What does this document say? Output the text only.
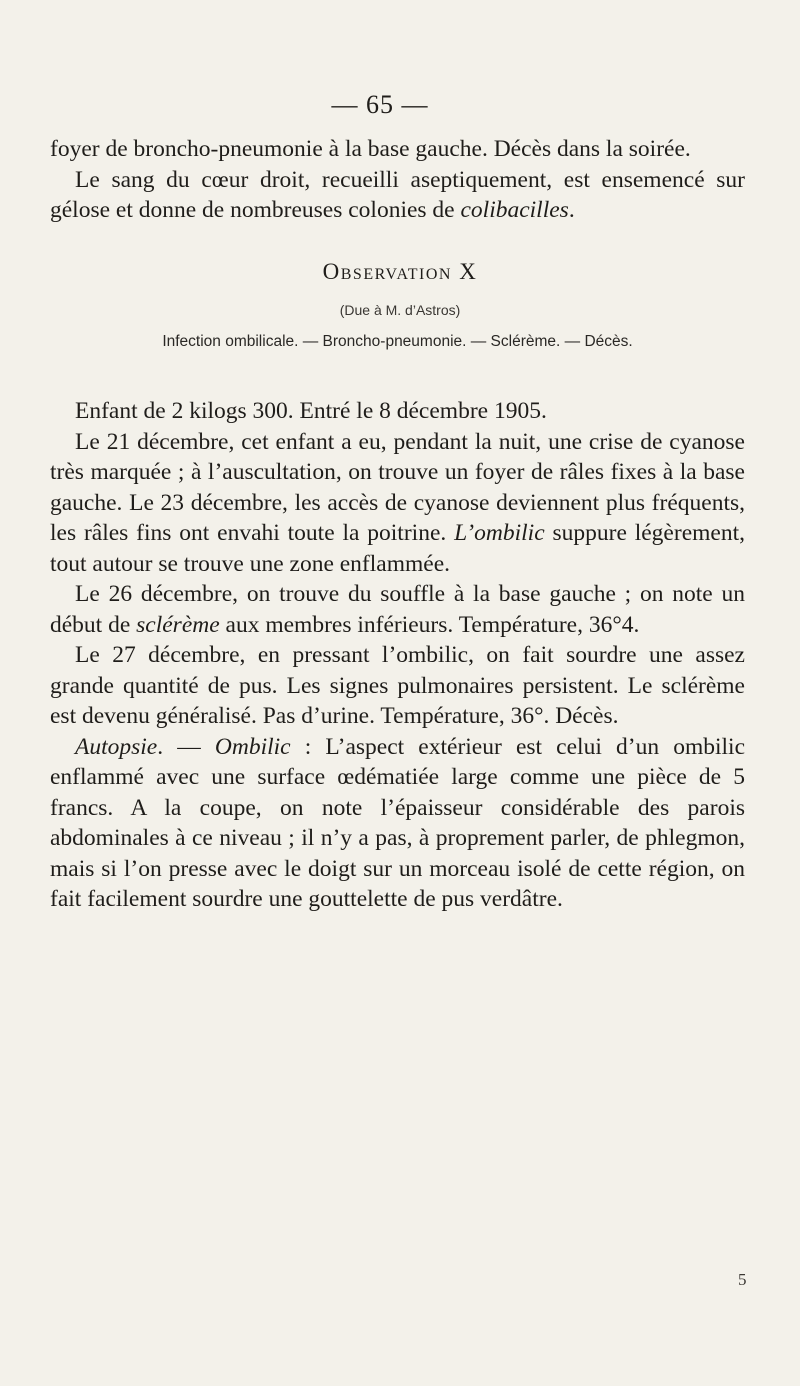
— 65 —

foyer de broncho-pneumonie à la base gauche. Décès dans la soirée.

Le sang du cœur droit, recueilli aseptiquement, est ensemencé sur gélose et donne de nombreuses colonies de colibacilles.

Observation X
(Due à M. d’Astros)
Infection ombilicale. — Broncho-pneumonie. — Sclérème. — Décès.

Enfant de 2 kilogs 300. Entré le 8 décembre 1905.

Le 21 décembre, cet enfant a eu, pendant la nuit, une crise de cyanose très marquée ; à l’auscultation, on trouve un foyer de râles fixes à la base gauche. Le 23 décembre, les accès de cyanose deviennent plus fréquents, les râles fins ont envahi toute la poitrine. L’ombilic suppure légèrement, tout autour se trouve une zone enflammée.

Le 26 décembre, on trouve du souffle à la base gauche ; on note un début de sclérème aux membres inférieurs. Température, 36°4.

Le 27 décembre, en pressant l’ombilic, on fait sourdre une assez grande quantité de pus. Les signes pulmonaires persistent. Le sclérème est devenu généralisé. Pas d’urine. Température, 36°. Décès.

Autopsie. — Ombilic : L’aspect extérieur est celui d’un ombilic enflammé avec une surface œdématiée large comme une pièce de 5 francs. A la coupe, on note l’épaisseur considérable des parois abdominales à ce niveau ; il n’y a pas, à proprement parler, de phlegmon, mais si l’on presse avec le doigt sur un morceau isolé de cette région, on fait facilement sourdre une gouttelette de pus verdâtre.

5
